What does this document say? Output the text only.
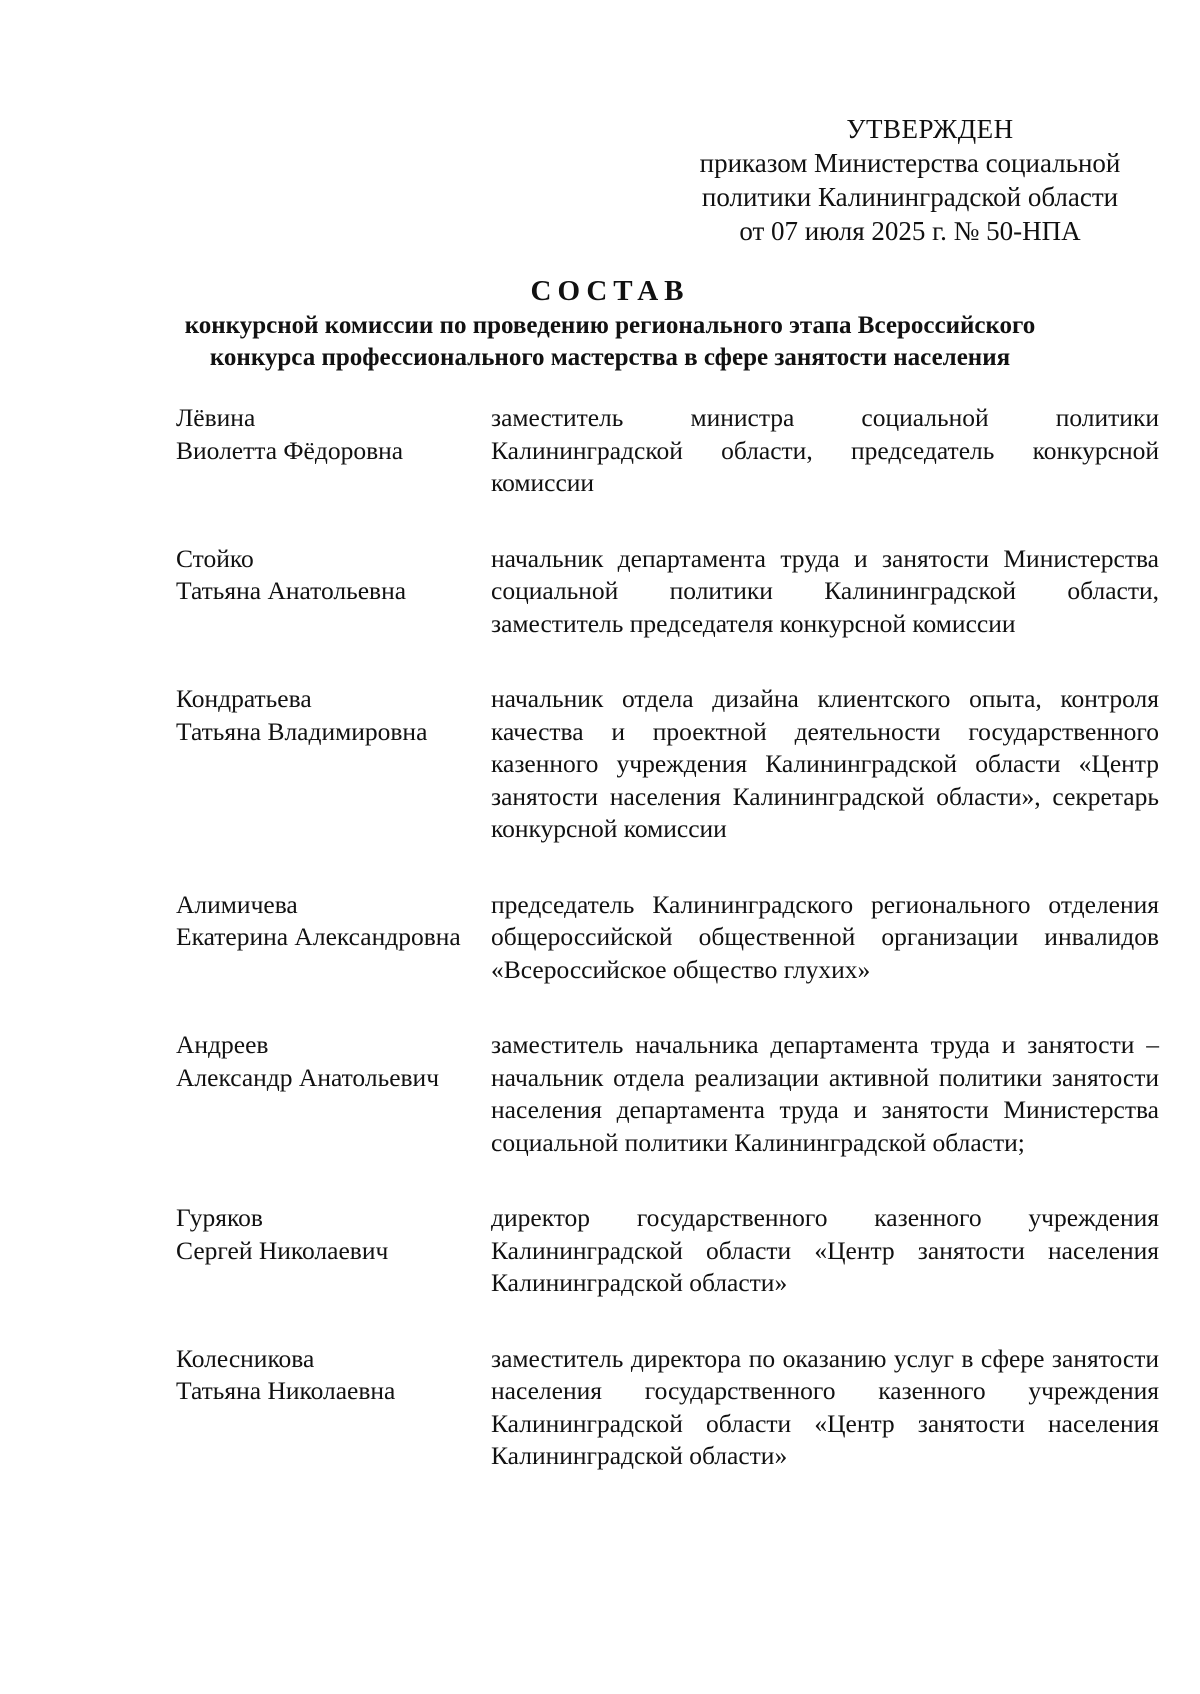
УТВЕРЖДЕН
приказом Министерства социальной
политики Калининградской области
от 07 июля 2025 г. № 50-НПА
СОСТАВ
конкурсной комиссии по проведению регионального этапа Всероссийского
конкурса профессионального мастерства в сфере занятости населения
Лёвина
Виолетта Фёдоровна
заместитель министра социальной политики Калининградской области, председатель конкурсной комиссии
Стойко
Татьяна Анатольевна
начальник департамента труда и занятости Министерства социальной политики Калининградской области, заместитель председателя конкурсной комиссии
Кондратьева
Татьяна Владимировна
начальник отдела дизайна клиентского опыта, контроля качества и проектной деятельности государственного казенного учреждения Калининградской области «Центр занятости населения Калининградской области», секретарь конкурсной комиссии
Алимичева
Екатерина Александровна
председатель Калининградского регионального отделения общероссийской общественной организации инвалидов «Всероссийское общество глухих»
Андреев
Александр Анатольевич
заместитель начальника департамента труда и занятости – начальник отдела реализации активной политики занятости населения департамента труда и занятости Министерства социальной политики Калининградской области;
Гуряков
Сергей Николаевич
директор государственного казенного учреждения Калининградской области «Центр занятости населения Калининградской области»
Колесникова
Татьяна Николаевна
заместитель директора по оказанию услуг в сфере занятости населения государственного казенного учреждения Калининградской области «Центр занятости населения Калининградской области»
